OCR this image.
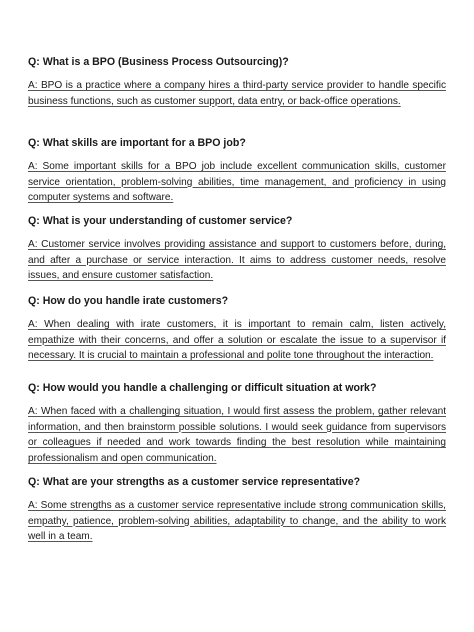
Q: What is a BPO (Business Process Outsourcing)?

A: BPO is a practice where a company hires a third-party service provider to handle specific business functions, such as customer support, data entry, or back-office operations.

Q: What skills are important for a BPO job?

A: Some important skills for a BPO job include excellent communication skills, customer service orientation, problem-solving abilities, time management, and proficiency in using computer systems and software.

Q: What is your understanding of customer service?

A: Customer service involves providing assistance and support to customers before, during, and after a purchase or service interaction. It aims to address customer needs, resolve issues, and ensure customer satisfaction.

Q: How do you handle irate customers?

A: When dealing with irate customers, it is important to remain calm, listen actively, empathize with their concerns, and offer a solution or escalate the issue to a supervisor if necessary. It is crucial to maintain a professional and polite tone throughout the interaction.

Q: How would you handle a challenging or difficult situation at work?

A: When faced with a challenging situation, I would first assess the problem, gather relevant information, and then brainstorm possible solutions. I would seek guidance from supervisors or colleagues if needed and work towards finding the best resolution while maintaining professionalism and open communication.

Q: What are your strengths as a customer service representative?

A: Some strengths as a customer service representative include strong communication skills, empathy, patience, problem-solving abilities, adaptability to change, and the ability to work well in a team.
